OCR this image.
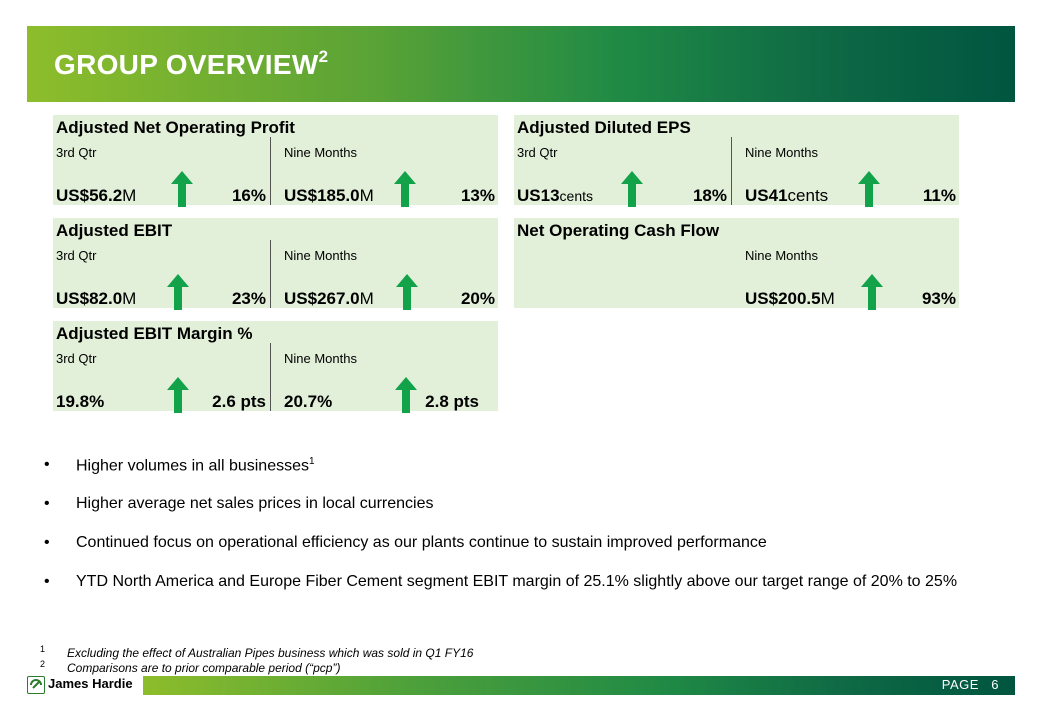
GROUP OVERVIEW$^2$
Adjusted Net Operating Profit
3rd Qtr
US$56.2M	16%
Nine Months
US$185.0M	13%
Adjusted Diluted EPS
3rd Qtr
US13cents	18%
Nine Months
US41cents	11%
Adjusted EBIT
3rd Qtr
US$82.0M	23%
Nine Months
US$267.0M	20%
Net Operating Cash Flow
Nine Months
US$200.5M	93%
Adjusted EBIT Margin %
3rd Qtr
19.8%	2.6 pts
Nine Months
20.7%	2.8 pts
• Higher volumes in all businesses$^1$
• Higher average net sales prices in local currencies
• Continued focus on operational efficiency as our plants continue to sustain improved performance
• YTD North America and Europe Fiber Cement segment EBIT margin of 25.1% slightly above our target range of 20% to 25%
1 Excluding the effect of Australian Pipes business which was sold in Q1 FY16
2 Comparisons are to prior comparable period (“pcp”)
James Hardie	PAGE 6
